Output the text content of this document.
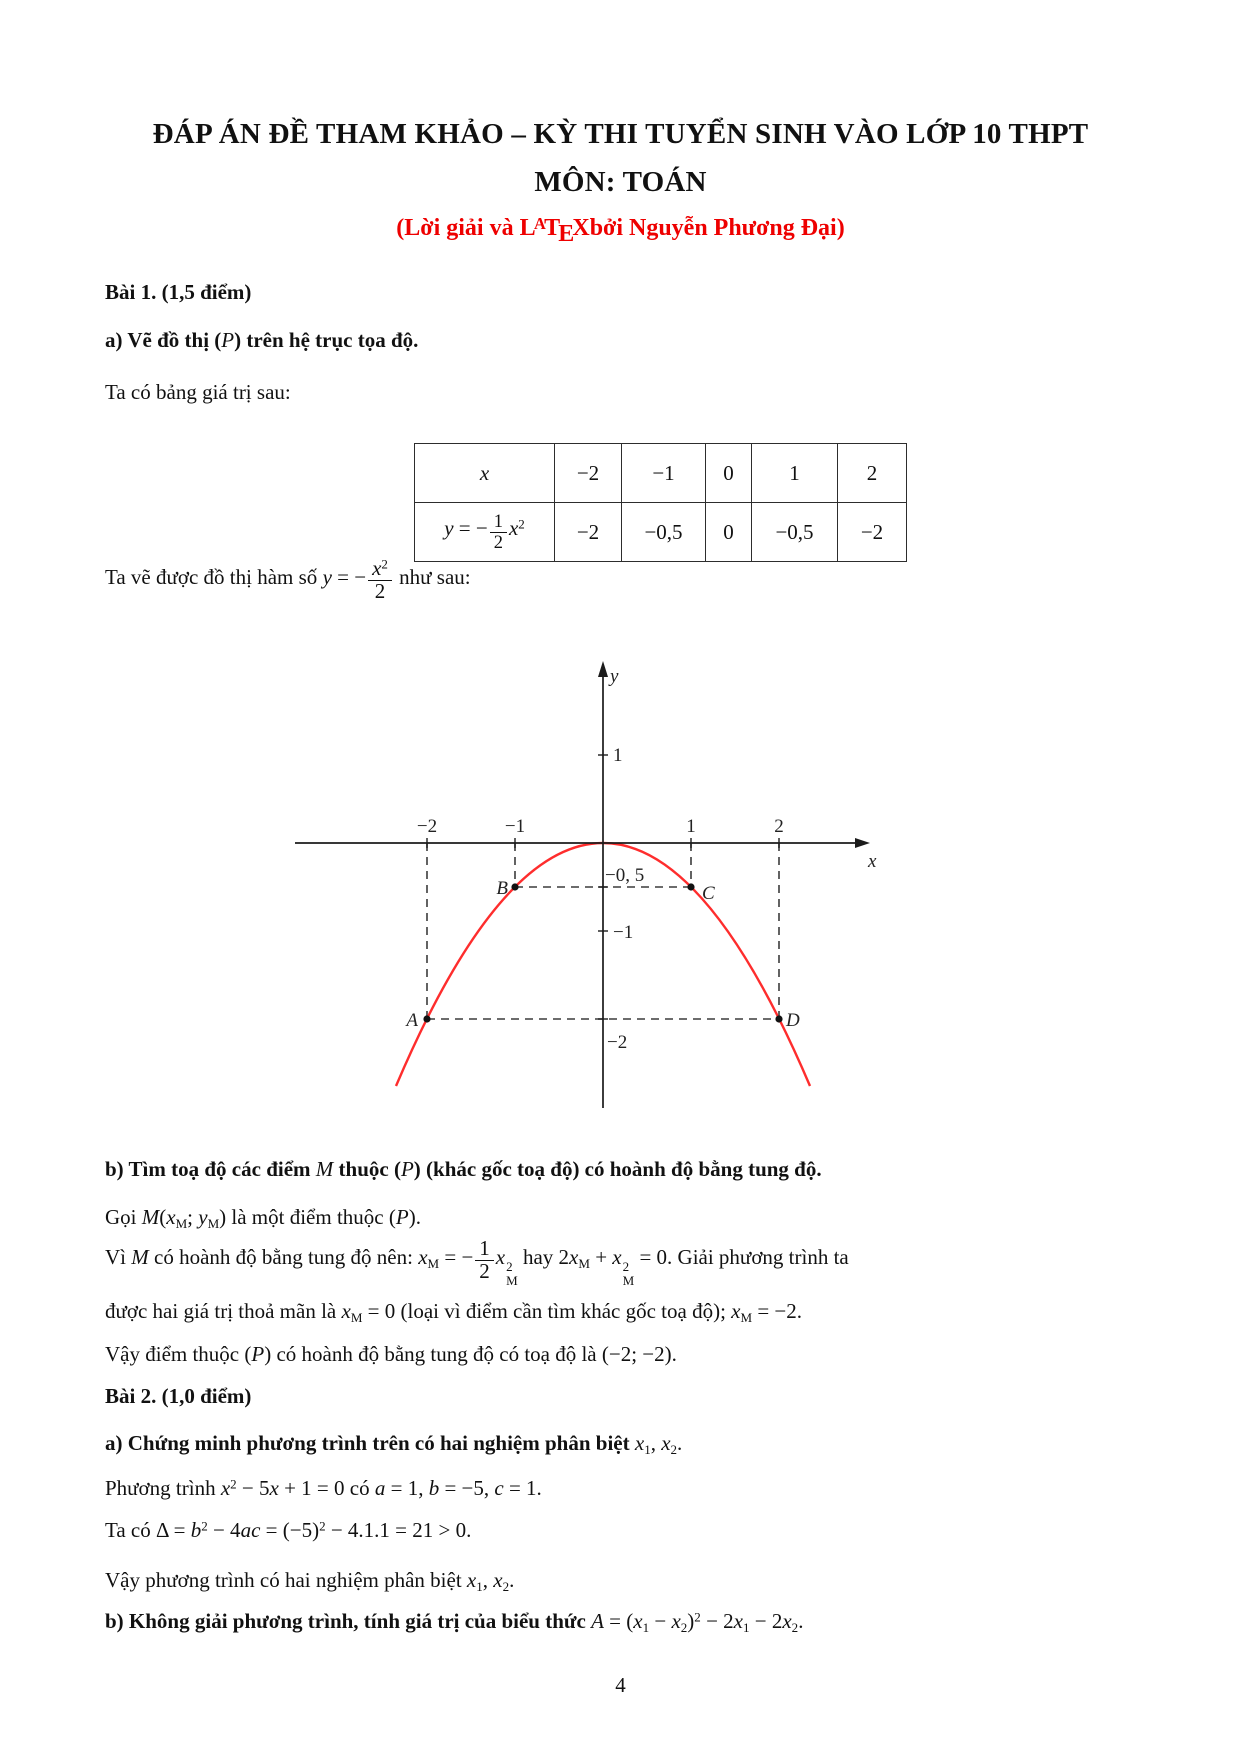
ĐÁP ÁN ĐỀ THAM KHẢO – KỲ THI TUYỂN SINH VÀO LỚP 10 THPT
MÔN: TOÁN
(Lời giải và $L^ATEXbởi$ Nguyễn Phương Đại)
Bài 1. (1,5 điểm)
a) Vẽ đồ thị (P) trên hệ trục tọa độ.
Ta có bảng giá trị sau:
x	−2	−1	0	1	2
y = − $\frac{1}{2} x^2$	−2	−0,5	0	−0,5	−2
Ta vẽ được đồ thị hàm số y = − $\frac{x^2}{2}$ như sau:
x
y
−2	−1	1	2
1
−1
−2
−0, 5
A
B	C
D
b) Tìm toạ độ các điểm M thuộc (P) (khác gốc toạ độ) có hoành độ bằng tung độ.
Gọi $M(x_M$; $y_M$) là một điểm thuộc (P).
Vì M có hoành độ bằng tung độ nên: $x_M$ = − $\frac{1}{2}$ x 2
M
hay $2x_M + x$ 2
M
= 0. Giải phương trình ta
được hai giá trị thoả mãn là $x_M = 0$ (loại vì điểm cần tìm khác gốc toạ độ); $x_M = -2$.
Vậy điểm thuộc (P) có hoành độ bằng tung độ có toạ độ là (−2; −2).
Bài 2. (1,0 điểm)
a) Chứng minh phương trình trên có hai nghiệm phân biệt $x_1$, $x_2$.
Phương trình $x^2 - 5x + 1 = 0$ có a = 1, b = −5, c = 1.
Ta có $\Delta = b^2 - 4ac = (-5)^2 - 4.1.1 = 21 > 0$.
Vậy phương trình có hai nghiệm phân biệt $x_1$, $x_2$.
b) Không giải phương trình, tính giá trị của biểu thức $A = (x_1 - x_2)^2 - 2x_1 - 2x_2$.
4
